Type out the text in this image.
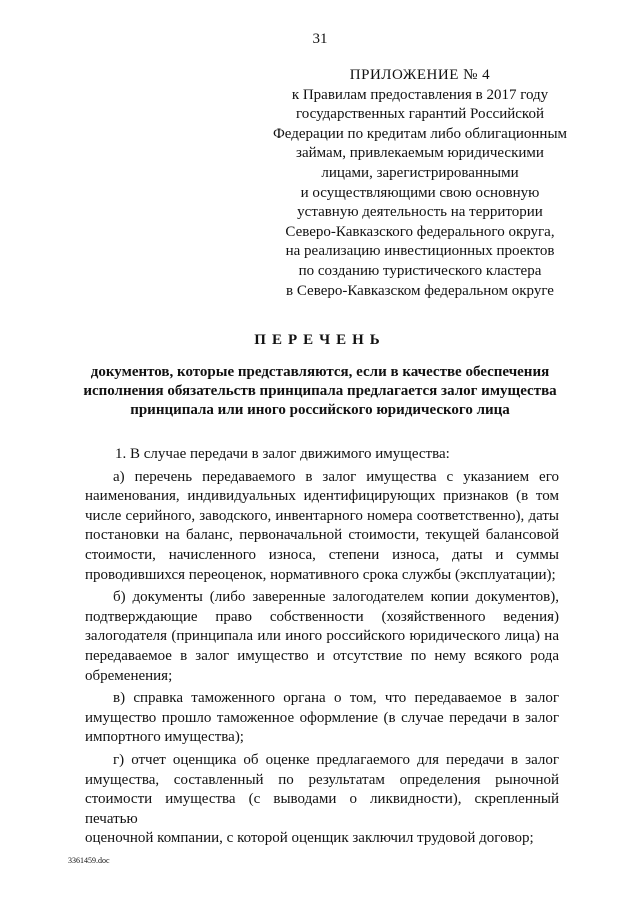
31
ПРИЛОЖЕНИЕ № 4
к Правилам предоставления в 2017 году
государственных гарантий Российской
Федерации по кредитам либо облигационным
займам, привлекаемым юридическими
лицами, зарегистрированными
и осуществляющими свою основную
уставную деятельность на территории
Северо-Кавказского федерального округа,
на реализацию инвестиционных проектов
по созданию туристического кластера
в Северо-Кавказском федеральном округе
ПЕРЕЧЕНЬ
документов, которые представляются, если в качестве обеспечения
исполнения обязательств принципала предлагается залог имущества
принципала или иного российского юридического лица
1. В случае передачи в залог движимого имущества:
а) перечень передаваемого в залог имущества с указанием его
наименования, индивидуальных идентифицирующих признаков (в том
числе серийного, заводского, инвентарного номера соответственно), даты
постановки на баланс, первоначальной стоимости, текущей балансовой
стоимости, начисленного износа, степени износа, даты и суммы
проводившихся переоценок, нормативного срока службы (эксплуатации);
б) документы (либо заверенные залогодателем копии документов),
подтверждающие право собственности (хозяйственного ведения)
залогодателя (принципала или иного российского юридического лица) на
передаваемое в залог имущество и отсутствие по нему всякого рода
обременения;
в) справка таможенного органа о том, что передаваемое в залог
имущество прошло таможенное оформление (в случае передачи в залог
импортного имущества);
г) отчет оценщика об оценке предлагаемого для передачи в залог
имущества, составленный по результатам определения рыночной
стоимости имущества (с выводами о ликвидности), скрепленный печатью
оценочной компании, с которой оценщик заключил трудовой договор;
3361459.doc
